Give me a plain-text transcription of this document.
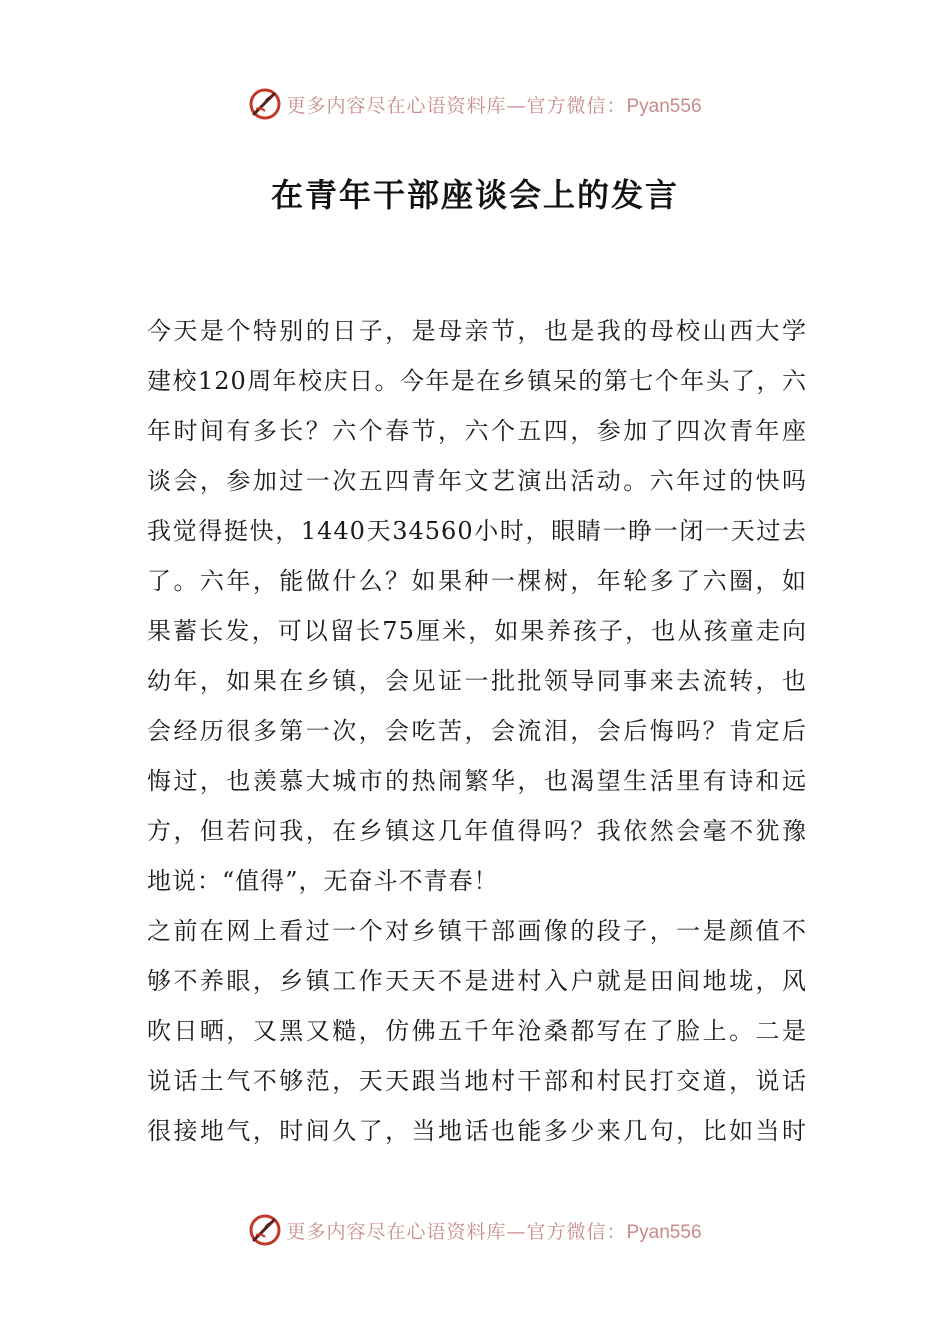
更多内容尽在心语资料库—官方微信：Pyan556
在青年干部座谈会上的发言

今天是个特别的日子，是母亲节，也是我的母校山西大学

建校120周年校庆日。今年是在乡镇呆的第七个年头了，六

年时间有多长？六个春节，六个五四，参加了四次青年座

谈会，参加过一次五四青年文艺演出活动。六年过的快吗

我觉得挺快，1440天34560小时，眼睛一睁一闭一天过去

了。六年，能做什么？如果种一棵树，年轮多了六圈，如

果蓄长发，可以留长75厘米，如果养孩子，也从孩童走向

幼年，如果在乡镇，会见证一批批领导同事来去流转，也

会经历很多第一次，会吃苦，会流泪，会后悔吗？肯定后

悔过，也羡慕大城市的热闹繁华，也渴望生活里有诗和远

方，但若问我，在乡镇这几年值得吗？我依然会毫不犹豫

地说：“值得”，无奋斗不青春！

之前在网上看过一个对乡镇干部画像的段子，一是颜值不

够不养眼，乡镇工作天天不是进村入户就是田间地垅，风

吹日晒，又黑又糙，仿佛五千年沧桑都写在了脸上。二是

说话土气不够范，天天跟当地村干部和村民打交道，说话

很接地气，时间久了，当地话也能多少来几句，比如当时

更多内容尽在心语资料库—官方微信：Pyan556
